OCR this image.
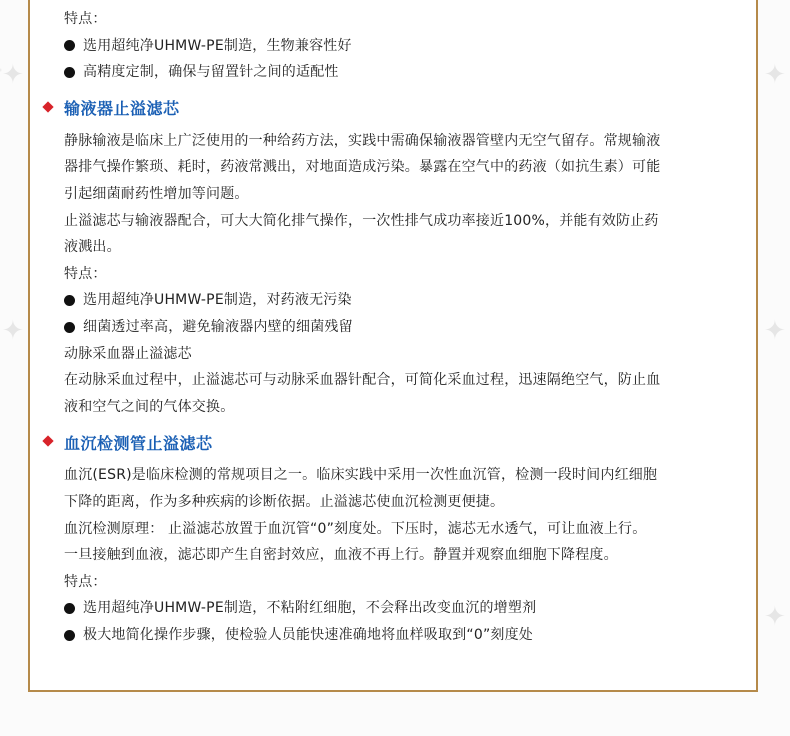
✦
✦
✦
✦
✦
特点：
选用超纯净UHMW-PE制造，生物兼容性好
高精度定制，确保与留置针之间的适配性
输液器止溢滤芯
静脉输液是临床上广泛使用的一种给药方法，实践中需确保输液器管壁内无空气留存。常规输液
器排气操作繁琐、耗时，药液常溅出，对地面造成污染。暴露在空气中的药液（如抗生素）可能
引起细菌耐药性增加等问题。
止溢滤芯与输液器配合，可大大简化排气操作，一次性排气成功率接近100%，并能有效防止药
液溅出。
特点：
选用超纯净UHMW-PE制造，对药液无污染
细菌透过率高，避免输液器内壁的细菌残留
动脉采血器止溢滤芯
在动脉采血过程中，止溢滤芯可与动脉采血器针配合，可简化采血过程，迅速隔绝空气，防止血
液和空气之间的气体交换。
血沉检测管止溢滤芯
血沉(ESR)是临床检测的常规项目之一。临床实践中采用一次性血沉管，检测一段时间内红细胞
下降的距离，作为多种疾病的诊断依据。止溢滤芯使血沉检测更便捷。
血沉检测原理： 止溢滤芯放置于血沉管“0”刻度处。下压时，滤芯无水透气，可让血液上行。
一旦接触到血液，滤芯即产生自密封效应，血液不再上行。静置并观察血细胞下降程度。
特点：
选用超纯净UHMW-PE制造，不粘附红细胞，不会释出改变血沉的增塑剂
极大地简化操作步骤，使检验人员能快速准确地将血样吸取到“0”刻度处
